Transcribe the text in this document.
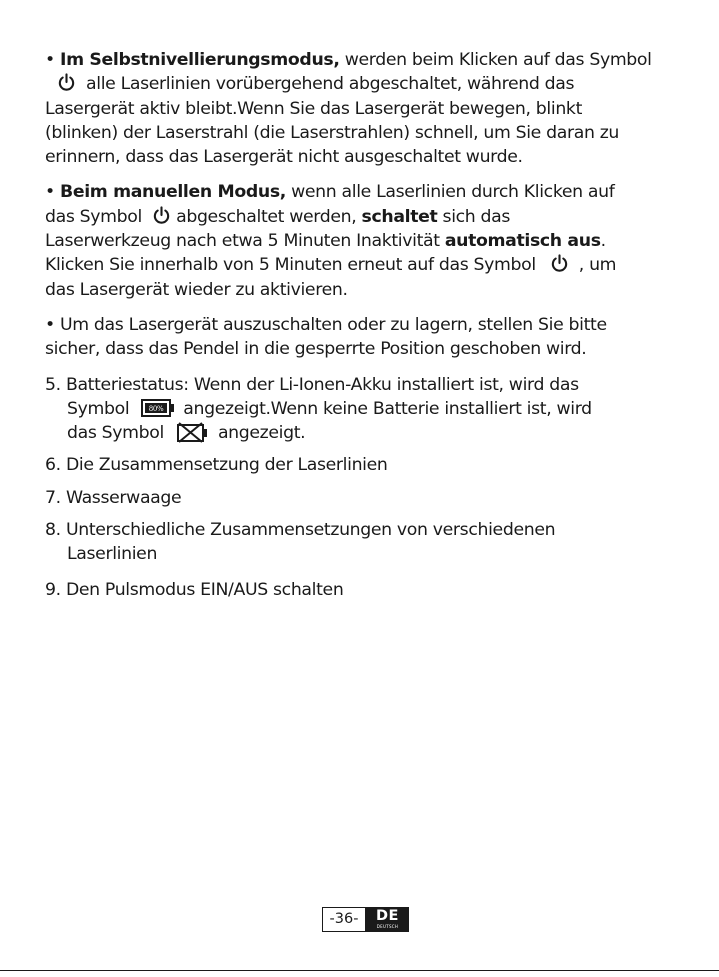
• Im Selbstnivellierungsmodus, werden beim Klicken auf das Symbol
alle Laserlinien vorübergehend abgeschaltet, während das
Lasergerät aktiv bleibt.Wenn Sie das Lasergerät bewegen, blinkt
(blinken) der Laserstrahl (die Laserstrahlen) schnell, um Sie daran zu
erinnern, dass das Lasergerät nicht ausgeschaltet wurde.
• Beim manuellen Modus, wenn alle Laserlinien durch Klicken auf
das Symbol abgeschaltet werden, schaltet sich das
Laserwerkzeug nach etwa 5 Minuten Inaktivität automatisch aus.
Klicken Sie innerhalb von 5 Minuten erneut auf das Symbol , um
das Lasergerät wieder zu aktivieren.
• Um das Lasergerät auszuschalten oder zu lagern, stellen Sie bitte
sicher, dass das Pendel in die gesperrte Position geschoben wird.
5. Batteriestatus: Wenn der Li-Ionen-Akku installiert ist, wird das
Symbol	80% angezeigt.Wenn keine Batterie installiert ist, wird
das Symbol	angezeigt.
6. Die Zusammensetzung der Laserlinien
7. Wasserwaage
8. Unterschiedliche Zusammensetzungen von verschiedenen
Laserlinien
9. Den Pulsmodus EIN/AUS schalten
-36-	DE
DEUTSCH
